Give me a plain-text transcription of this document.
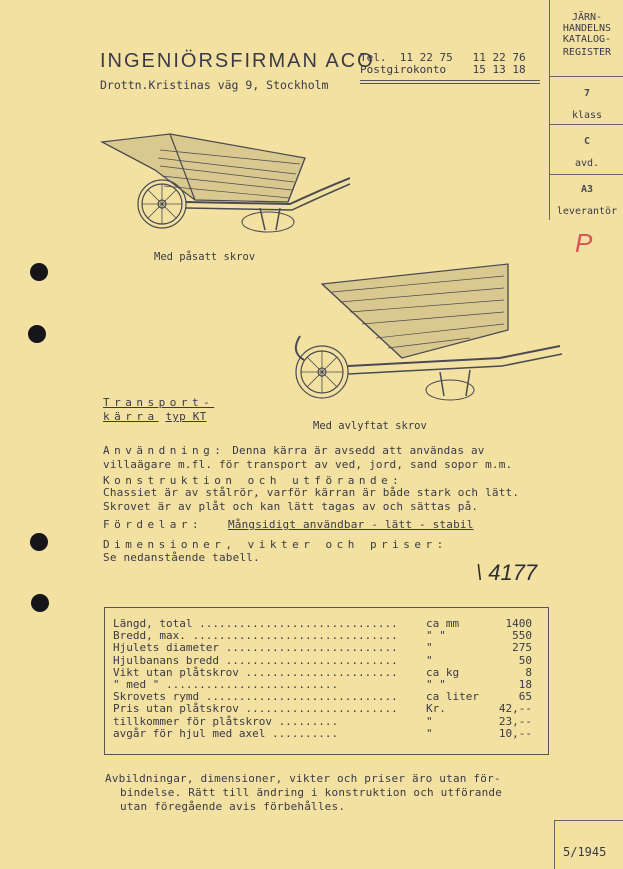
INGENIÖRSFIRMAN ACO
Drottn.Kristinas väg 9, Stockholm
Tel.  11 22 75   11 22 76
Postgirokonto    15 13 18
JÄRN-
HANDELNS
KATALOG-
REGISTER
7
klass
C
avd.
A3
leverantör
P
Med påsatt skrov
Med avlyftat skrov
Transport-
kärra typ KT
Användning: Denna kärra är avsedd att användas av
villaägare m.fl. för transport av ved, jord, sand sopor m.m.
Konstruktion och utförande:
Chassiet är av stålrör, varför kärran är både stark och lätt.
Skrovet är av plåt och kan lätt tagas av och sättas på.
Fördelar: Mångsidigt användbar - lätt - stabil
Dimensioner, vikter och priser:
Se nedanstående tabell.
\ 4177
Längd, total ..............................	ca mm	1400
Bredd, max. ...............................	" "	550
Hjulets diameter ..........................	"	275
Hjulbanans bredd ..........................	"	50
Vikt utan plåtskrov .......................	ca kg	8
" med " ..........................	" "	18
Skrovets rymd .............................	ca liter	65
Pris utan plåtskrov .......................	Kr.	42,--
tillkommer för plåtskrov .........	"	23,--
avgår för hjul med axel ..........	"	10,--
Avbildningar, dimensioner, vikter och priser äro utan för-
bindelse. Rätt till ändring i konstruktion och utförande
utan föregående avis förbehålles.
5/1945
